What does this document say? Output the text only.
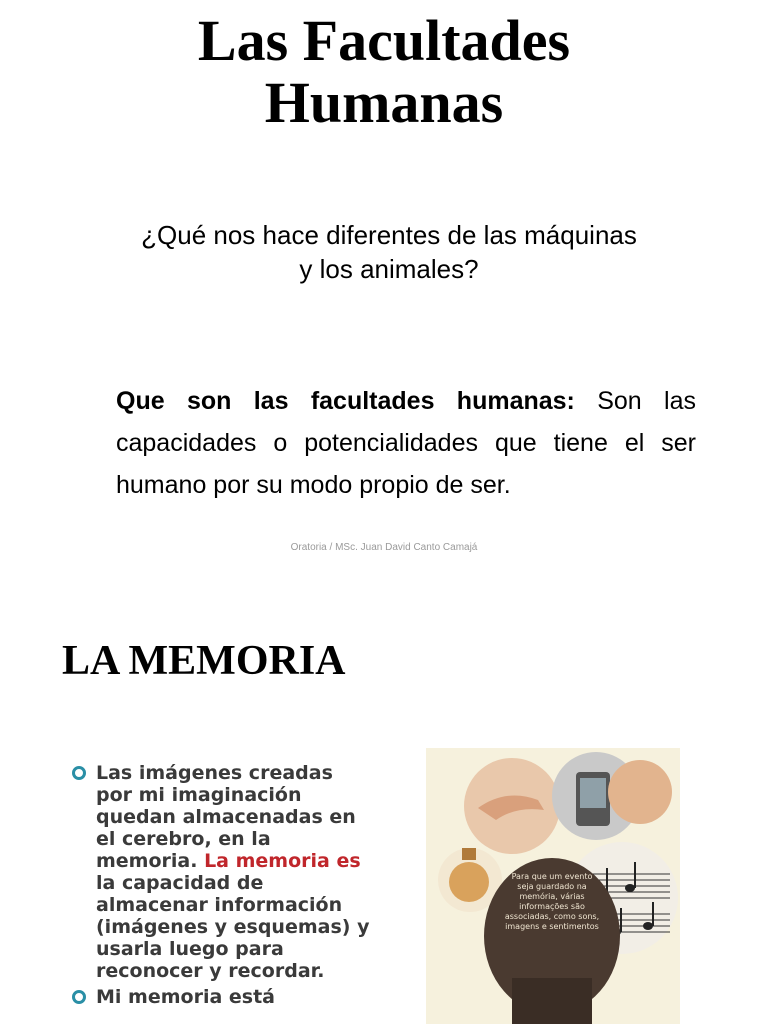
Las Facultades
Humanas

¿Qué nos hace diferentes de las máquinas
y los animales?

Que son las facultades humanas: Son las capacidades o potencialidades que tiene el ser humano por su modo propio de ser.

Oratoria / MSc. Juan David Canto Camajá
LA MEMORIA
Las imágenes creadas por mi imaginación quedan almacenadas en el cerebro, en la memoria. La memoria es la capacidad de almacenar información (imágenes y esquemas) y usarla luego para reconocer y recordar.
Mi memoria está
Para que um evento seja guardado na memória, várias informações são associadas, como sons, imagens e sentimentos
